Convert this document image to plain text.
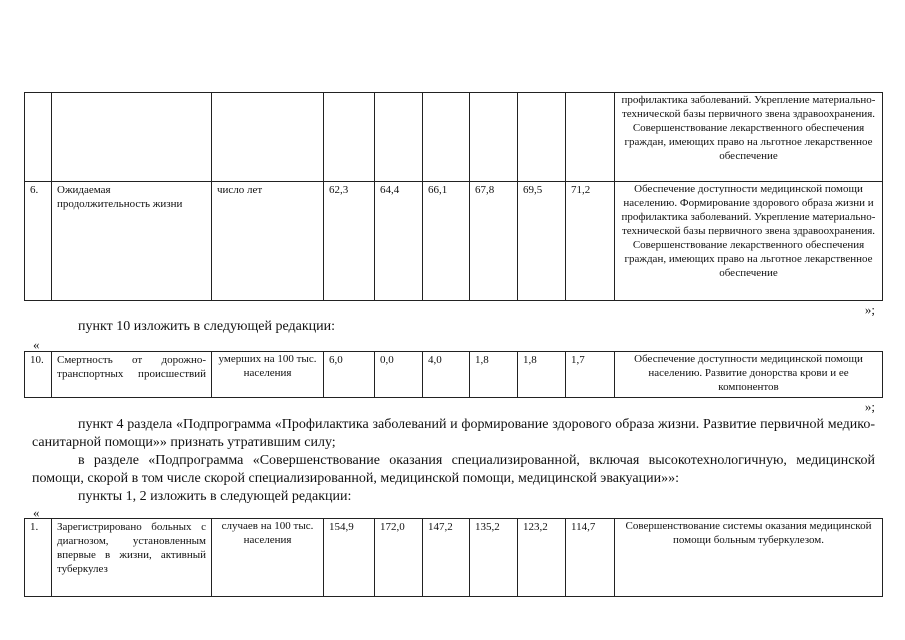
									профилактика заболеваний. Укрепление материально-технической базы первичного звена здравоохранения. Совершенствование лекарственного обеспечения граждан, имеющих право на льготное лекарственное обеспечение
6.	Ожидаемая продолжительность жизни	число лет	62,3	64,4	66,1	67,8	69,5	71,2	Обеспечение доступности медицинской помощи населению. Формирование здорового образа жизни и профилактика заболеваний. Укрепление материально-технической базы первичного звена здравоохранения. Совершенствование лекарственного обеспечения граждан, имеющих право на льготное лекарственное обеспечение
»;
пункт 10 изложить в следующей редакции:
«
10.	Смертность от дорожно-транспортных происшествий	умерших на 100 тыс. населения	6,0	0,0	4,0	1,8	1,8	1,7	Обеспечение доступности медицинской помощи населению. Развитие донорства крови и ее компонентов
»;
пункт 4 раздела «Подпрограмма «Профилактика заболеваний и формирование здорового образа жизни. Развитие первичной медико-санитарной помощи»» признать утратившим силу;
в разделе «Подпрограмма «Совершенствование оказания специализированной, включая высокотехнологичную, медицинской помощи, скорой в том числе скорой специализированной, медицинской помощи, медицинской эвакуации»»:
пункты 1, 2 изложить в следующей редакции:
«
1.	Зарегистрировано больных с диагнозом, установленным впервые в жизни, активный туберкулез	случаев на 100 тыс. населения	154,9	172,0	147,2	135,2	123,2	114,7	Совершенствование системы оказания медицинской помощи больным туберкулезом.
